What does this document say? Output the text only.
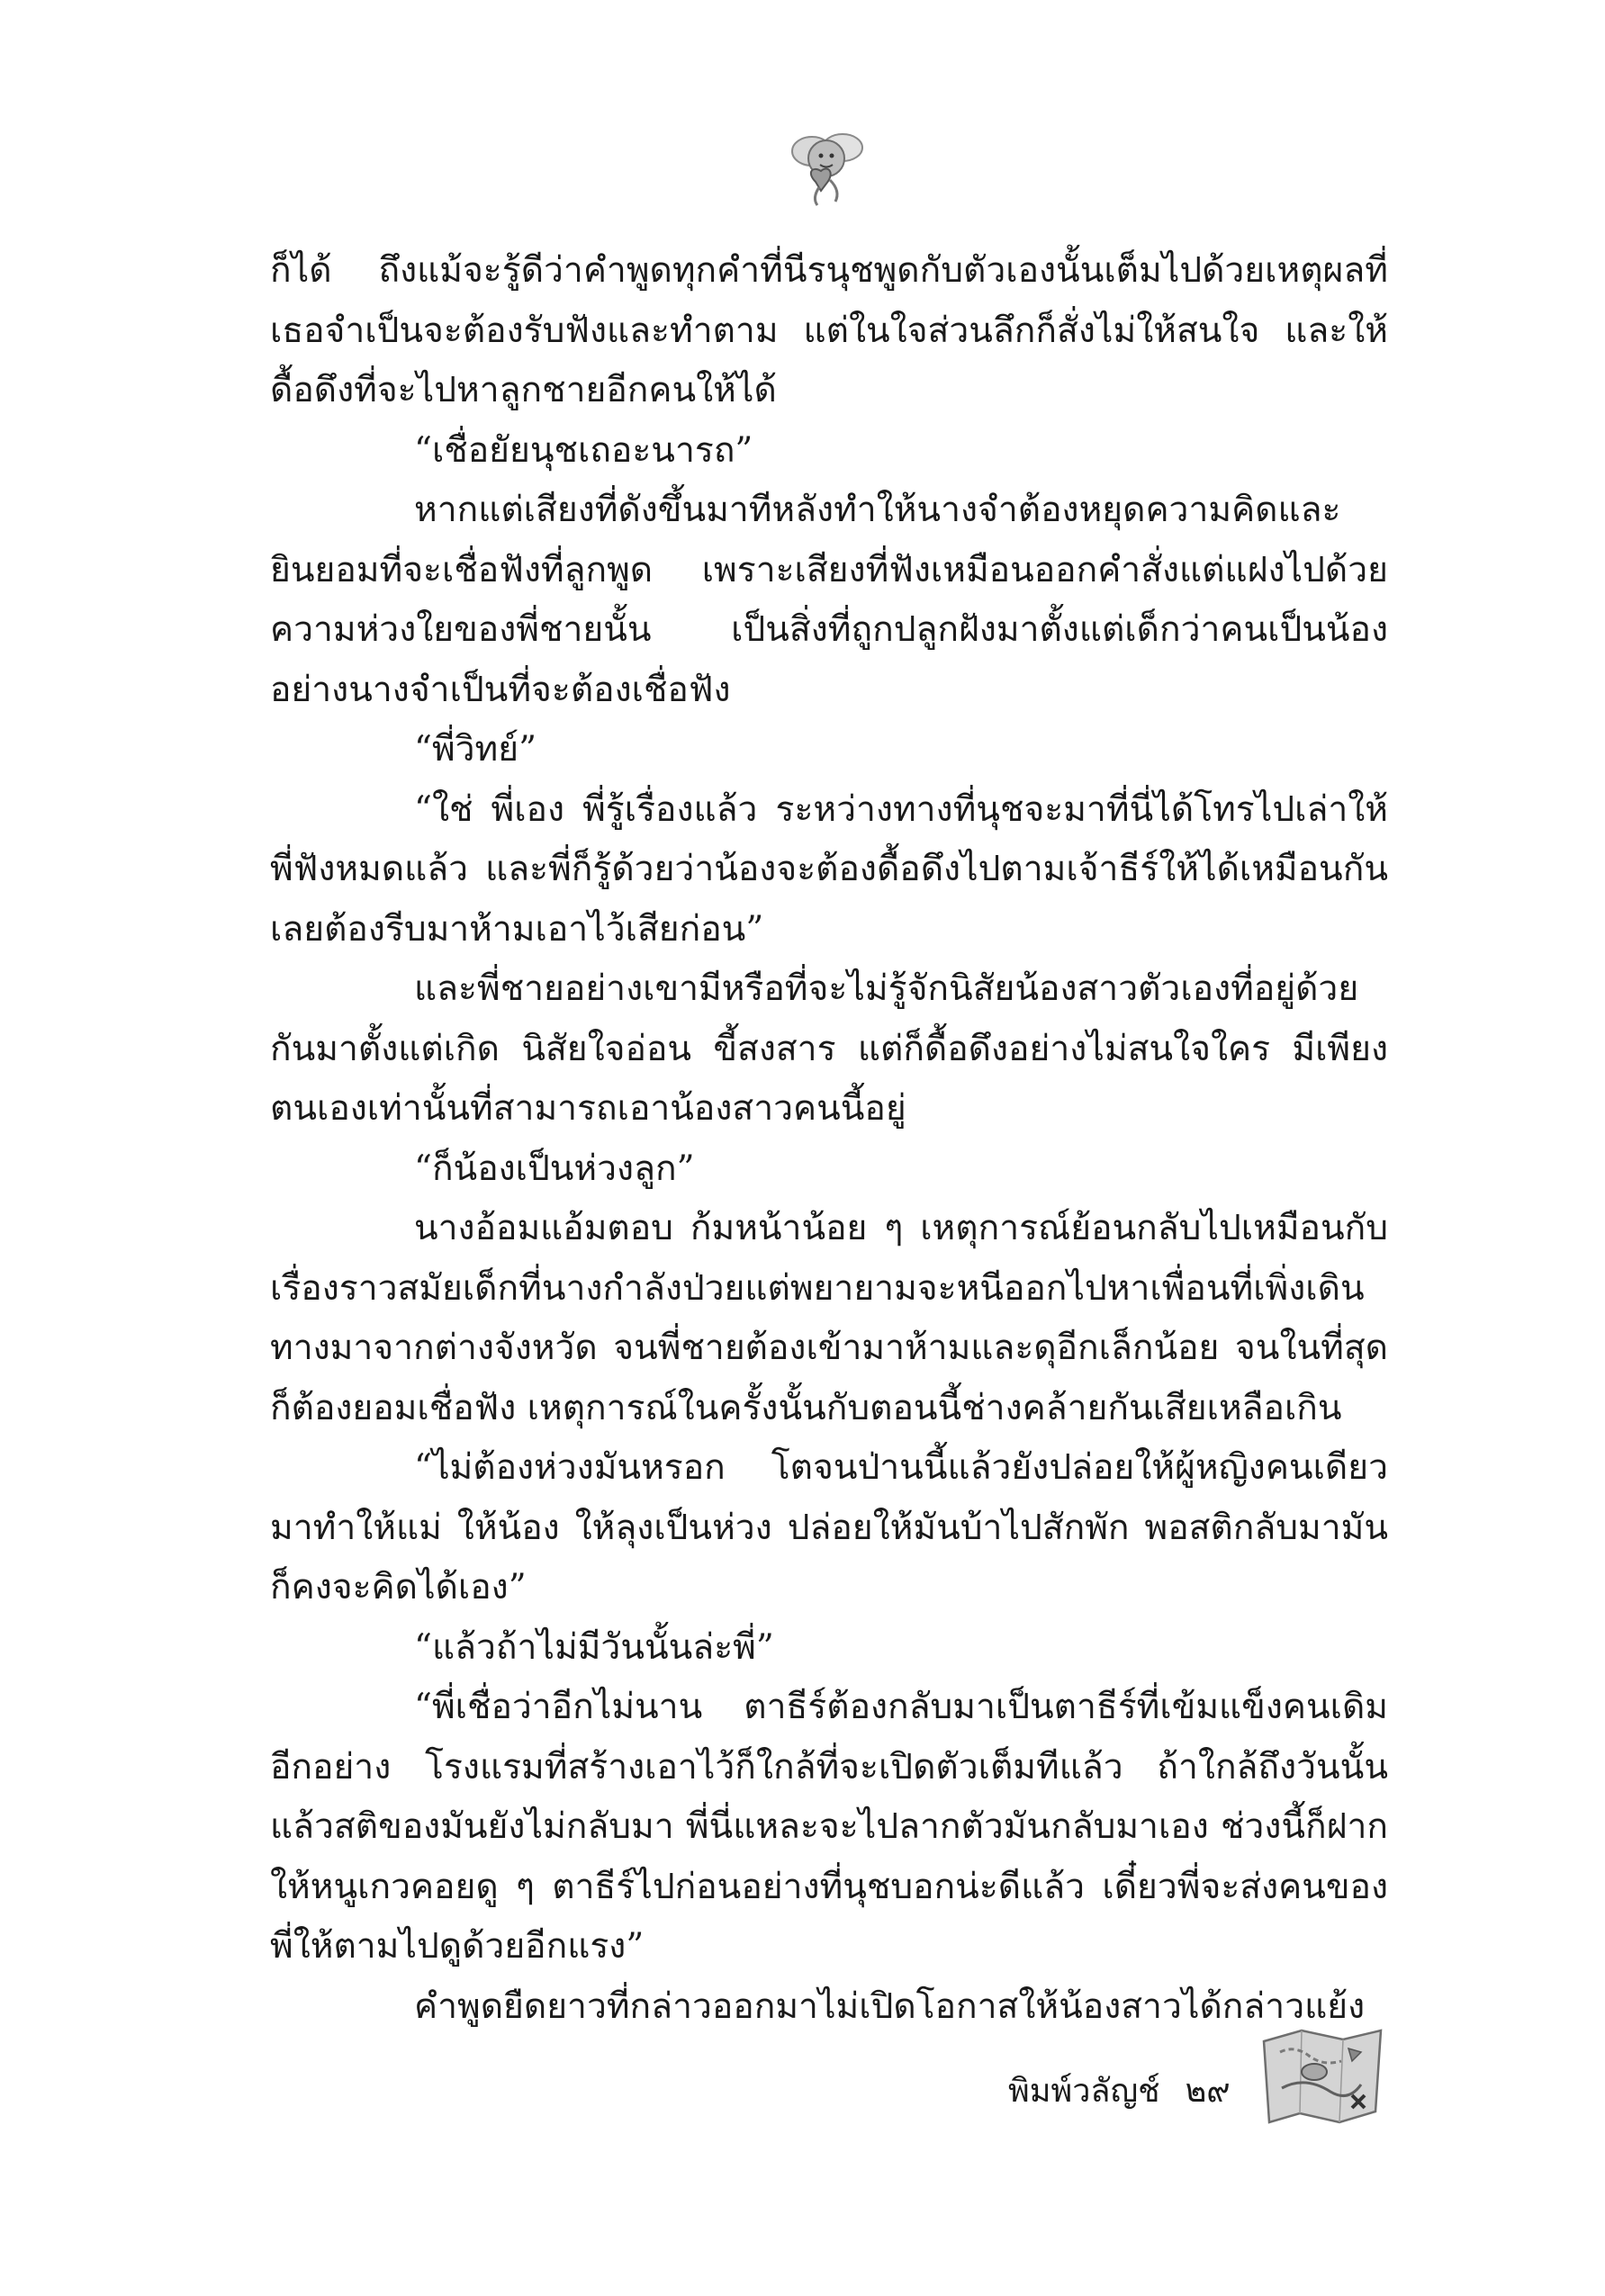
ก็ได้ ถึงแม้จะรู้ดีว่าคำพูดทุกคำที่นีรนุชพูดกับตัวเองนั้นเต็มไปด้วยเหตุผลที่เธอจำเป็นจะต้องรับฟังและทำตาม แต่ในใจส่วนลึกก็สั่งไม่ให้สนใจ และให้ดื้อดึงที่จะไปหาลูกชายอีกคนให้ได้

“เชื่อยัยนุชเถอะนารถ”

หากแต่เสียงที่ดังขึ้นมาทีหลังทำให้นางจำต้องหยุดความคิดและยินยอมที่จะเชื่อฟังที่ลูกพูด เพราะเสียงที่ฟังเหมือนออกคำสั่งแต่แฝงไปด้วยความห่วงใยของพี่ชายนั้น เป็นสิ่งที่ถูกปลูกฝังมาตั้งแต่เด็กว่าคนเป็นน้องอย่างนางจำเป็นที่จะต้องเชื่อฟัง

“พี่วิทย์”

“ใช่ พี่เอง พี่รู้เรื่องแล้ว ระหว่างทางที่นุชจะมาที่นี่ได้โทรไปเล่าให้พี่ฟังหมดแล้ว และพี่ก็รู้ด้วยว่าน้องจะต้องดื้อดึงไปตามเจ้าธีร์ให้ได้เหมือนกันเลยต้องรีบมาห้ามเอาไว้เสียก่อน”

และพี่ชายอย่างเขามีหรือที่จะไม่รู้จักนิสัยน้องสาวตัวเองที่อยู่ด้วยกันมาตั้งแต่เกิด นิสัยใจอ่อน ขี้สงสาร แต่ก็ดื้อดึงอย่างไม่สนใจใคร มีเพียงตนเองเท่านั้นที่สามารถเอาน้องสาวคนนี้อยู่

“ก็น้องเป็นห่วงลูก”

นางอ้อมแอ้มตอบ ก้มหน้าน้อย ๆ เหตุการณ์ย้อนกลับไปเหมือนกับเรื่องราวสมัยเด็กที่นางกำลังป่วยแต่พยายามจะหนีออกไปหาเพื่อนที่เพิ่งเดินทางมาจากต่างจังหวัด จนพี่ชายต้องเข้ามาห้ามและดุอีกเล็กน้อย จนในที่สุดก็ต้องยอมเชื่อฟัง เหตุการณ์ในครั้งนั้นกับตอนนี้ช่างคล้ายกันเสียเหลือเกิน

“ไม่ต้องห่วงมันหรอก โตจนป่านนี้แล้วยังปล่อยให้ผู้หญิงคนเดียวมาทำให้แม่ ให้น้อง ให้ลุงเป็นห่วง ปล่อยให้มันบ้าไปสักพัก พอสติกลับมามันก็คงจะคิดได้เอง”

“แล้วถ้าไม่มีวันนั้นล่ะพี่”

“พี่เชื่อว่าอีกไม่นาน ตาธีร์ต้องกลับมาเป็นตาธีร์ที่เข้มแข็งคนเดิมอีกอย่าง โรงแรมที่สร้างเอาไว้ก็ใกล้ที่จะเปิดตัวเต็มทีแล้ว ถ้าใกล้ถึงวันนั้นแล้วสติของมันยังไม่กลับมา พี่นี่แหละจะไปลากตัวมันกลับมาเอง ช่วงนี้ก็ฝากให้หนูเกวคอยดู ๆ ตาธีร์ไปก่อนอย่างที่นุชบอกน่ะดีแล้ว เดี๋ยวพี่จะส่งคนของพี่ให้ตามไปดูด้วยอีกแรง”

คำพูดยืดยาวที่กล่าวออกมาไม่เปิดโอกาสให้น้องสาวได้กล่าวแย้ง

พิมพ์วลัญช์ ๒๙
